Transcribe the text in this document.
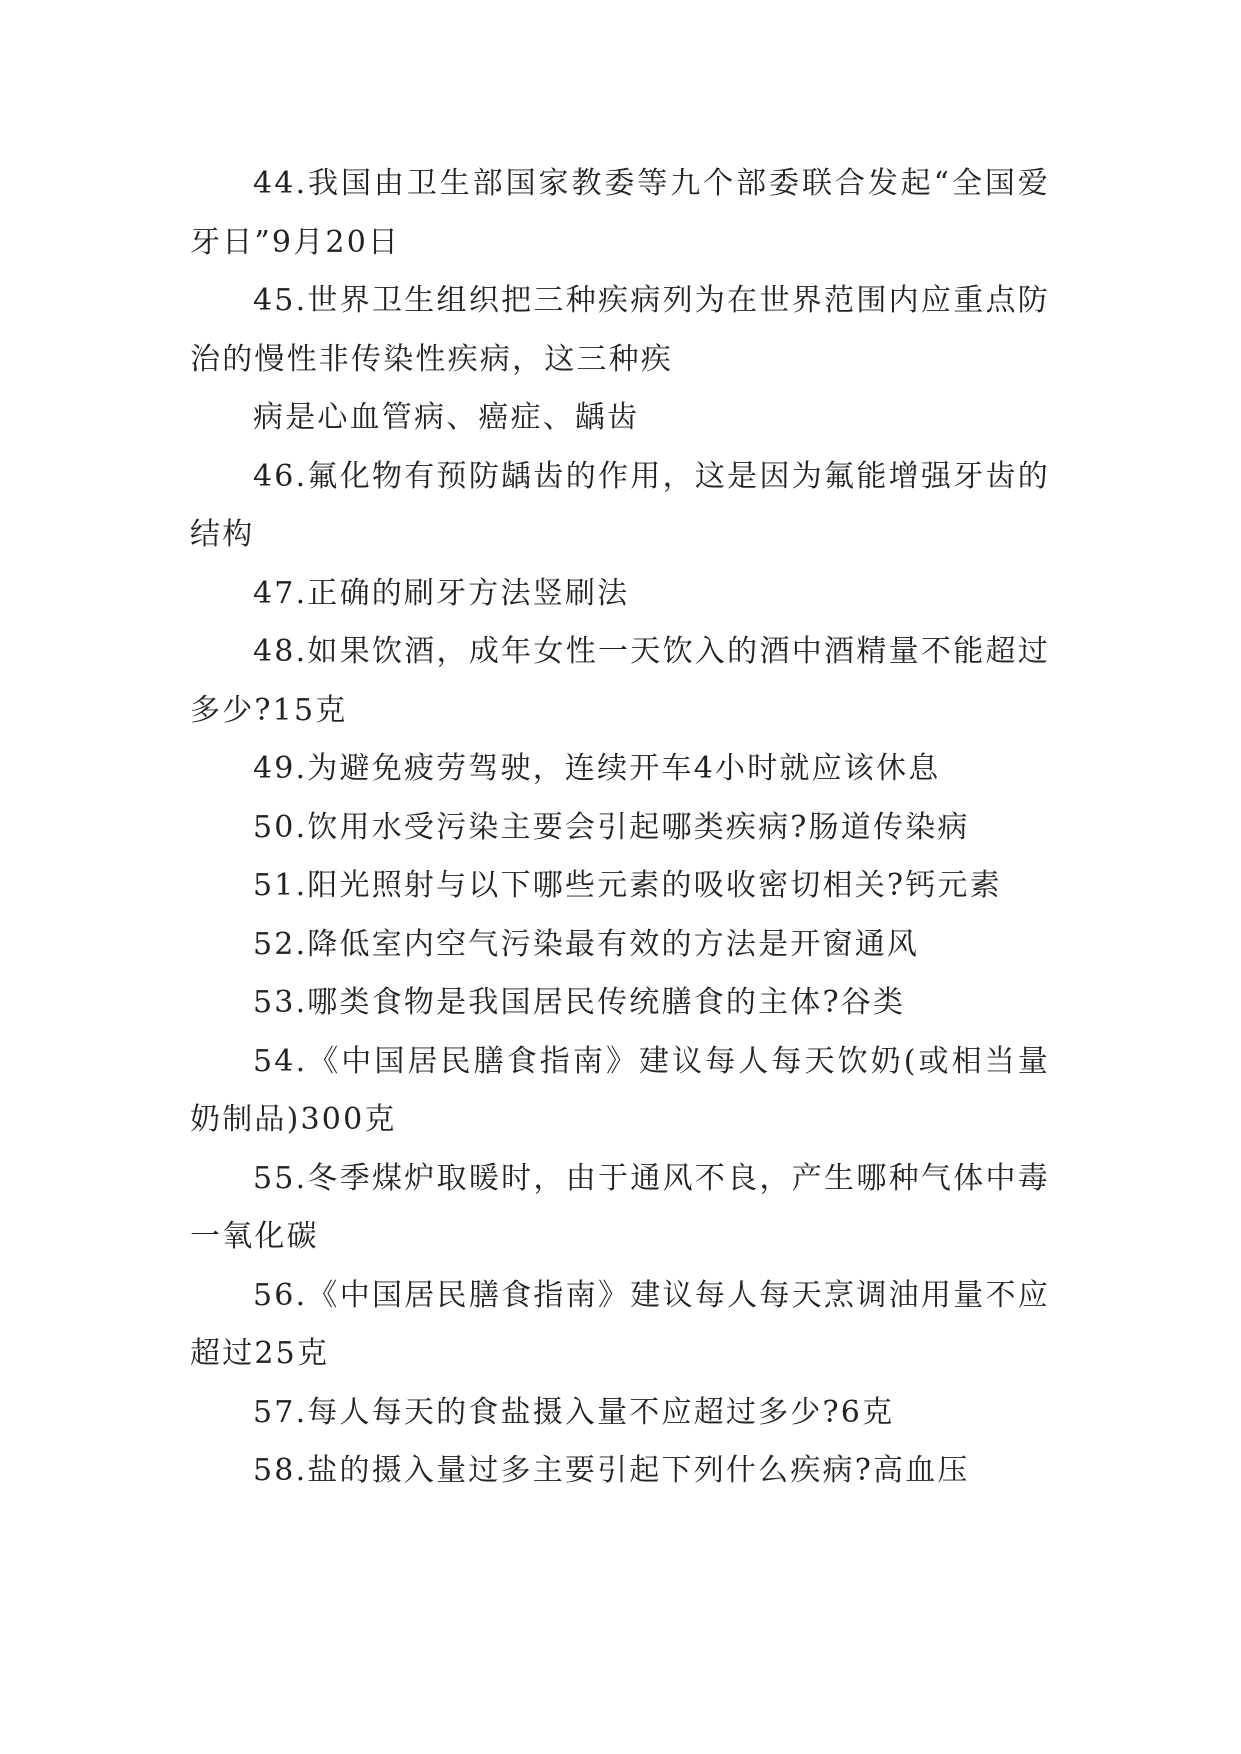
44.我国由卫生部国家教委等九个部委联合发起“全国爱牙日”9月20日

45.世界卫生组织把三种疾病列为在世界范围内应重点防治的慢性非传染性疾病，这三种疾

病是心血管病、癌症、龋齿

46.氟化物有预防龋齿的作用，这是因为氟能增强牙齿的结构

47.正确的刷牙方法竖刷法

48.如果饮酒，成年女性一天饮入的酒中酒精量不能超过多少?15克

49.为避免疲劳驾驶，连续开车4小时就应该休息

50.饮用水受污染主要会引起哪类疾病?肠道传染病

51.阳光照射与以下哪些元素的吸收密切相关?钙元素

52.降低室内空气污染最有效的方法是开窗通风

53.哪类食物是我国居民传统膳食的主体?谷类

54.《中国居民膳食指南》建议每人每天饮奶(或相当量奶制品)300克

55.冬季煤炉取暖时，由于通风不良，产生哪种气体中毒一氧化碳

56.《中国居民膳食指南》建议每人每天烹调油用量不应超过25克

57.每人每天的食盐摄入量不应超过多少?6克

58.盐的摄入量过多主要引起下列什么疾病?高血压
